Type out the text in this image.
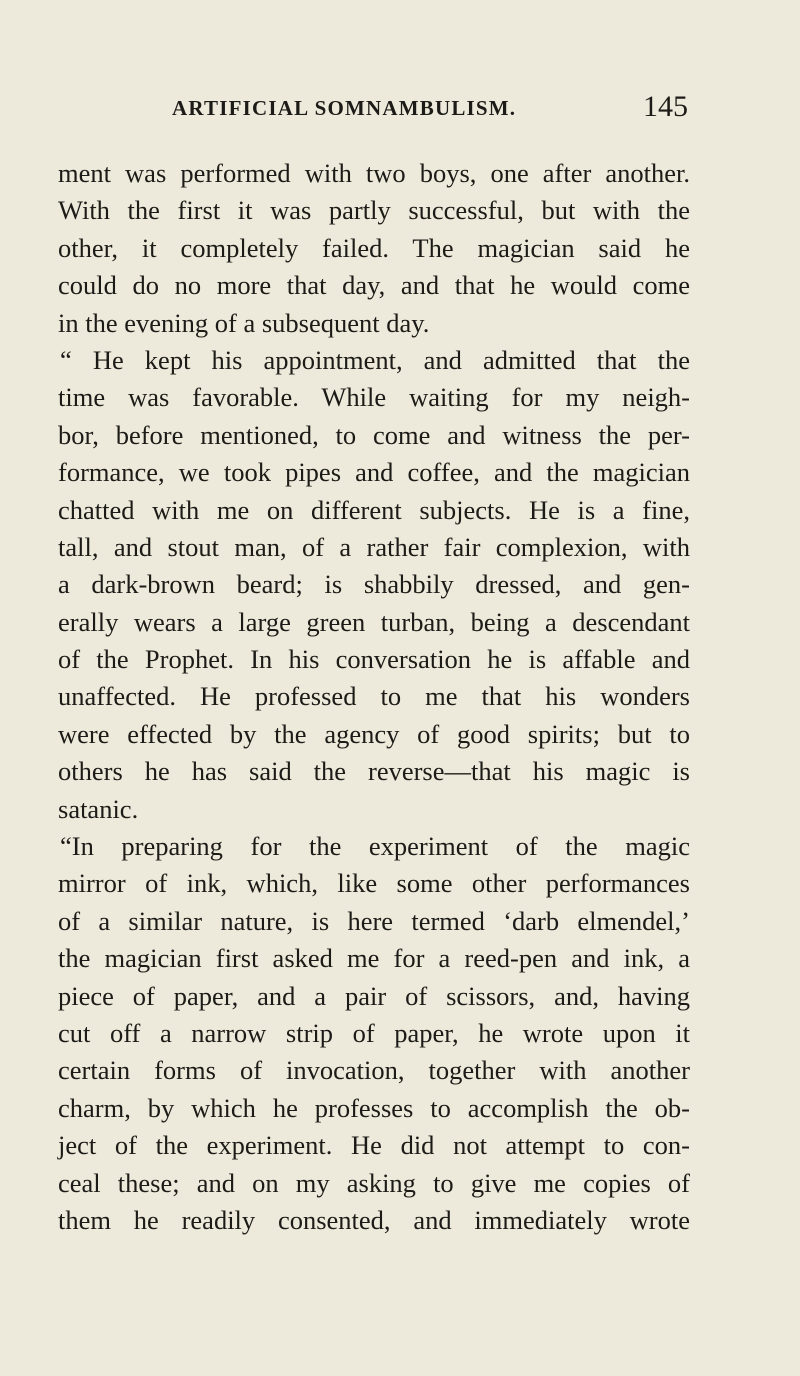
ARTIFICIAL SOMNAMBULISM.	145
ment was performed with two boys, one after another.
With the first it was partly successful, but with the
other, it completely failed. The magician said he
could do no more that day, and that he would come
in the evening of a subsequent day.
“ He kept his appointment, and admitted that the
time was favorable. While waiting for my neigh-
bor, before mentioned, to come and witness the per-
formance, we took pipes and coffee, and the magician
chatted with me on different subjects. He is a fine,
tall, and stout man, of a rather fair complexion, with
a dark-brown beard; is shabbily dressed, and gen-
erally wears a large green turban, being a descendant
of the Prophet. In his conversation he is affable and
unaffected. He professed to me that his wonders
were effected by the agency of good spirits; but to
others he has said the reverse—that his magic is
satanic.
“In preparing for the experiment of the magic
mirror of ink, which, like some other performances
of a similar nature, is here termed ‘darb elmendel,’
the magician first asked me for a reed-pen and ink, a
piece of paper, and a pair of scissors, and, having
cut off a narrow strip of paper, he wrote upon it
certain forms of invocation, together with another
charm, by which he professes to accomplish the ob-
ject of the experiment. He did not attempt to con-
ceal these; and on my asking to give me copies of
them he readily consented, and immediately wrote
